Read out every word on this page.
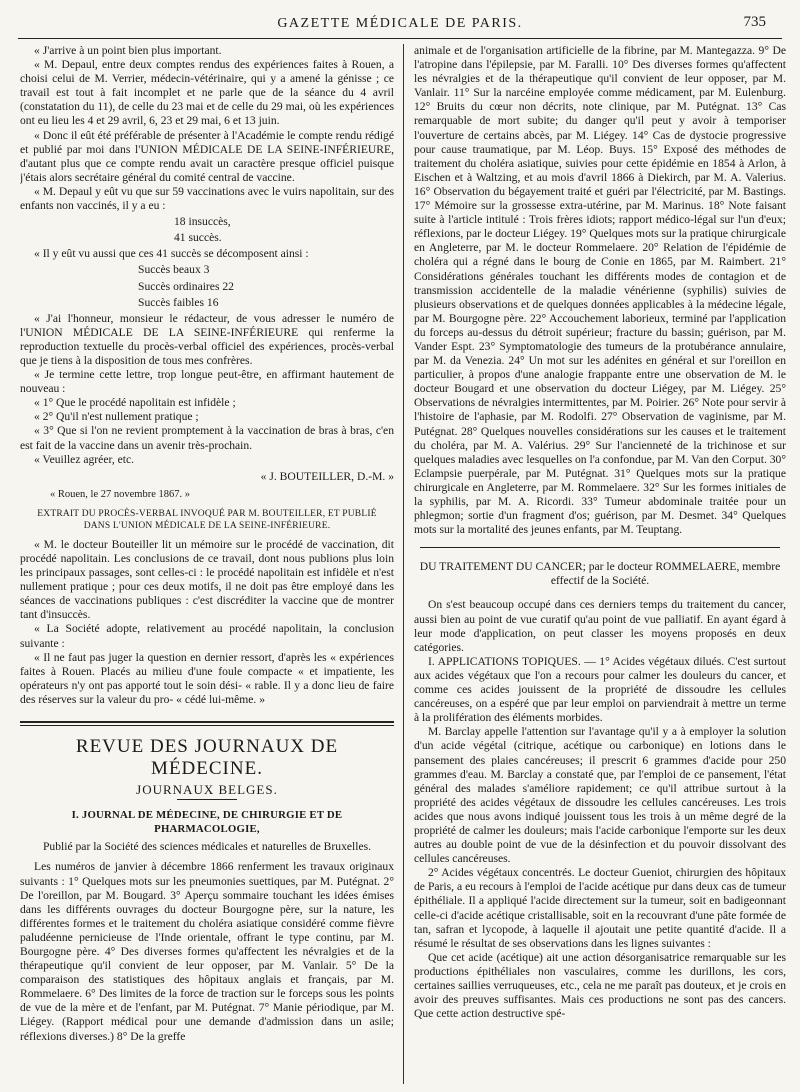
GAZETTE MÉDICALE DE PARIS.	735

« J'arrive à un point bien plus important.

« M. Depaul, entre deux comptes rendus des expériences faites à Rouen, a choisi celui de M. Verrier, médecin-vétérinaire, qui y a amené la génisse ; ce travail est tout à fait incomplet et ne parle que de la séance du 4 avril (constatation du 11), de celle du 23 mai et de celle du 29 mai, où les expériences ont eu lieu les 4 et 29 avril, 6, 23 et 29 mai, 6 et 13 juin.

« Donc il eût été préférable de présenter à l'Académie le compte rendu rédigé et publié par moi dans l'UNION MÉDICALE DE LA SEINE-INFÉRIEURE, d'autant plus que ce compte rendu avait un caractère presque officiel puisque j'étais alors secrétaire général du comité central de vaccine.

« M. Depaul y eût vu que sur 59 vaccinations avec le vuirs napolitain, sur des enfants non vaccinés, il y a eu :

18 insuccès,

41 succès.

« Il y eût vu aussi que ces 41 succès se décomposent ainsi :

Succès beaux 3

Succès ordinaires 22

Succès faibles 16

« J'ai l'honneur, monsieur le rédacteur, de vous adresser le numéro de l'UNION MÉDICALE DE LA SEINE-INFÉRIEURE qui renferme la reproduction textuelle du procès-verbal officiel des expériences, procès-verbal que je tiens à la disposition de tous mes confrères.

« Je termine cette lettre, trop longue peut-être, en affirmant hautement de nouveau :

« 1° Que le procédé napolitain est infidèle ;

« 2° Qu'il n'est nullement pratique ;

« 3° Que si l'on ne revient promptement à la vaccination de bras à bras, c'en est fait de la vaccine dans un avenir très-prochain.

« Veuillez agréer, etc.

« J. BOUTEILLER, D.-M. »

« Rouen, le 27 novembre 1867. »

EXTRAIT DU PROCÈS-VERBAL INVOQUÉ PAR M. BOUTEILLER, ET PUBLIÉ DANS L'UNION MÉDICALE DE LA SEINE-INFÉRIEURE.

« M. le docteur Bouteiller lit un mémoire sur le procédé de vaccination, dit procédé napolitain. Les conclusions de ce travail, dont nous publions plus loin les principaux passages, sont celles-ci : le procédé napolitain est infidèle et n'est nullement pratique ; pour ces deux motifs, il ne doit pas être employé dans les séances de vaccinations publiques : c'est discréditer la vaccine que de montrer tant d'insuccès.

« La Société adopte, relativement au procédé napolitain, la conclusion suivante :

« Il ne faut pas juger la question en dernier ressort, d'après les « expériences faites à Rouen. Placés au milieu d'une foule compacte « et impatiente, les opérateurs n'y ont pas apporté tout le soin dési- « rable. Il y a donc lieu de faire des réserves sur la valeur du pro- « cédé lui-même. »

REVUE DES JOURNAUX DE MÉDECINE.
JOURNAUX BELGES.

I. JOURNAL DE MÉDECINE, DE CHIRURGIE ET DE PHARMACOLOGIE,

Publié par la Société des sciences médicales et naturelles de Bruxelles.

Les numéros de janvier à décembre 1866 renferment les travaux originaux suivants : 1° Quelques mots sur les pneumonies suettiques, par M. Putégnat. 2° De l'oreillon, par M. Bougard. 3° Aperçu sommaire touchant les idées émises dans les différents ouvrages du docteur Bourgogne père, sur la nature, les différentes formes et le traitement du choléra asiatique considéré comme fièvre paludéenne pernicieuse de l'Inde orientale, offrant le type continu, par M. Bourgogne père. 4° Des diverses formes qu'affectent les névralgies et de la thérapeutique qu'il convient de leur opposer, par M. Vanlair. 5° De la comparaison des statistiques des hôpitaux anglais et français, par M. Rommelaere. 6° Des limites de la force de traction sur le forceps sous les points de vue de la mère et de l'enfant, par M. Putégnat. 7° Manie périodique, par M. Liégey. (Rapport médical pour une demande d'admission dans un asile; réflexions diverses.) 8° De la greffe

animale et de l'organisation artificielle de la fibrine, par M. Mantegazza. 9° De l'atropine dans l'épilepsie, par M. Faralli. 10° Des diverses formes qu'affectent les névralgies et de la thérapeutique qu'il convient de leur opposer, par M. Vanlair. 11° Sur la narcéine employée comme médicament, par M. Eulenburg. 12° Bruits du cœur non décrits, note clinique, par M. Putégnat. 13° Cas remarquable de mort subite; du danger qu'il peut y avoir à temporiser l'ouverture de certains abcès, par M. Liégey. 14° Cas de dystocie progressive pour cause traumatique, par M. Léop. Buys. 15° Exposé des méthodes de traitement du choléra asiatique, suivies pour cette épidémie en 1854 à Arlon, à Eischen et à Waltzing, et au mois d'avril 1866 à Diekirch, par M. A. Valerius. 16° Observation du bégayement traité et guéri par l'électricité, par M. Bastings. 17° Mémoire sur la grossesse extra-utérine, par M. Marinus. 18° Note faisant suite à l'article intitulé : Trois frères idiots; rapport médico-légal sur l'un d'eux; réflexions, par le docteur Liégey. 19° Quelques mots sur la pratique chirurgicale en Angleterre, par M. le docteur Rommelaere. 20° Relation de l'épidémie de choléra qui a régné dans le bourg de Conie en 1865, par M. Raimbert. 21° Considérations générales touchant les différents modes de contagion et de transmission accidentelle de la maladie vénérienne (syphilis) suivies de plusieurs observations et de quelques données applicables à la médecine légale, par M. Bourgogne père. 22° Accouchement laborieux, terminé par l'application du forceps au-dessus du détroit supérieur; fracture du bassin; guérison, par M. Vander Espt. 23° Symptomatologie des tumeurs de la protubérance annulaire, par M. da Venezia. 24° Un mot sur les adénites en général et sur l'oreillon en particulier, à propos d'une analogie frappante entre une observation de M. le docteur Bougard et une observation du docteur Liégey, par M. Liégey. 25° Observations de névralgies intermittentes, par M. Poirier. 26° Note pour servir à l'histoire de l'aphasie, par M. Rodolfi. 27° Observation de vaginisme, par M. Putégnat. 28° Quelques nouvelles considérations sur les causes et le traitement du choléra, par M. A. Valérius. 29° Sur l'ancienneté de la trichinose et sur quelques maladies avec lesquelles on l'a confondue, par M. Van den Corput. 30° Eclampsie puerpérale, par M. Putégnat. 31° Quelques mots sur la pratique chirurgicale en Angleterre, par M. Rommelaere. 32° Sur les formes initiales de la syphilis, par M. A. Ricordi. 33° Tumeur abdominale traitée pour un phlegmon; sortie d'un fragment d'os; guérison, par M. Desmet. 34° Quelques mots sur la mortalité des jeunes enfants, par M. Teuptang.

DU TRAITEMENT DU CANCER; par le docteur ROMMELAERE, membre effectif de la Société.

On s'est beaucoup occupé dans ces derniers temps du traitement du cancer, aussi bien au point de vue curatif qu'au point de vue palliatif. En ayant égard à leur mode d'application, on peut classer les moyens proposés en deux catégories.

I. APPLICATIONS TOPIQUES. — 1° Acides végétaux dilués. C'est surtout aux acides végétaux que l'on a recours pour calmer les douleurs du cancer, et comme ces acides jouissent de la propriété de dissoudre les cellules cancéreuses, on a espéré que par leur emploi on parviendrait à mettre un terme à la prolifération des éléments morbides.

M. Barclay appelle l'attention sur l'avantage qu'il y a à employer la solution d'un acide végétal (citrique, acétique ou carbonique) en lotions dans le pansement des plaies cancéreuses; il prescrit 6 grammes d'acide pour 250 grammes d'eau. M. Barclay a constaté que, par l'emploi de ce pansement, l'état général des malades s'améliore rapidement; ce qu'il attribue surtout à la propriété des acides végétaux de dissoudre les cellules cancéreuses. Les trois acides que nous avons indiqué jouissent tous les trois à un même degré de la propriété de calmer les douleurs; mais l'acide carbonique l'emporte sur les deux autres au double point de vue de la désinfection et du pouvoir dissolvant des cellules cancéreuses.

2° Acides végétaux concentrés. Le docteur Gueniot, chirurgien des hôpitaux de Paris, a eu recours à l'emploi de l'acide acétique pur dans deux cas de tumeur épithéliale. Il a appliqué l'acide directement sur la tumeur, soit en badigeonnant celle-ci d'acide acétique cristallisable, soit en la recouvrant d'une pâte formée de tan, safran et lycopode, à laquelle il ajoutait une petite quantité d'acide. Il a résumé le résultat de ses observations dans les lignes suivantes :

Que cet acide (acétique) ait une action désorganisatrice remarquable sur les productions épithéliales non vasculaires, comme les durillons, les cors, certaines saillies verruqueuses, etc., cela ne me paraît pas douteux, et je crois en avoir des preuves suffisantes. Mais ces productions ne sont pas des cancers. Que cette action destructive spé-
